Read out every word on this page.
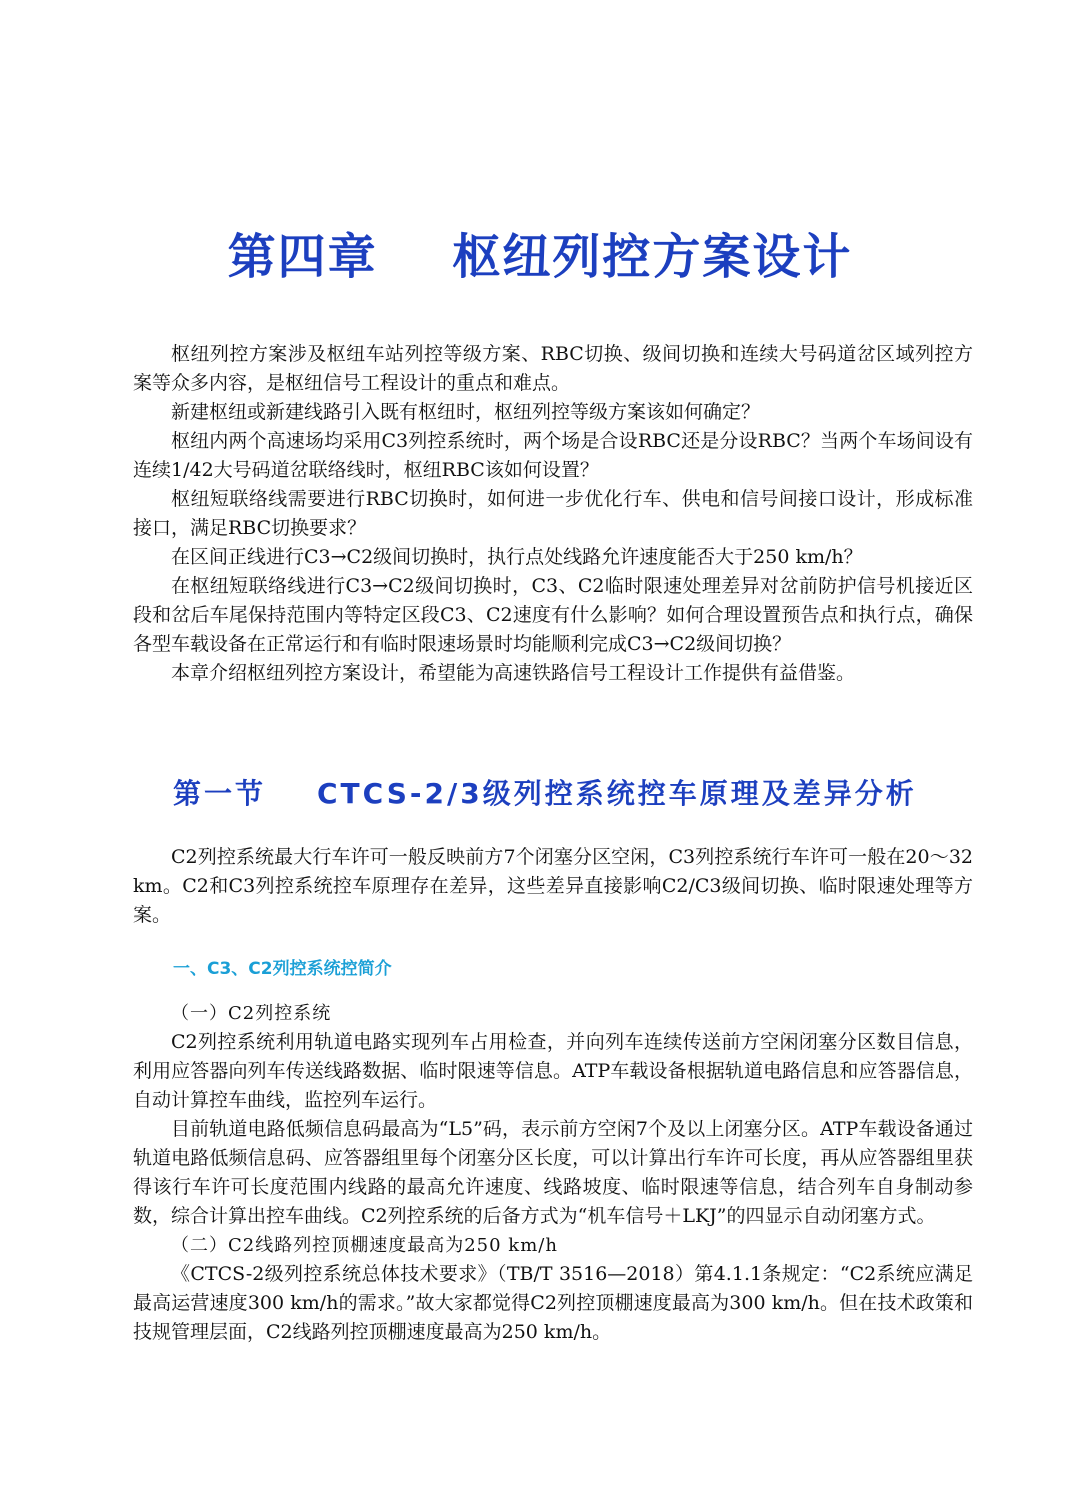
第四章    枢纽列控方案设计

枢纽列控方案涉及枢纽车站列控等级方案、RBC切换、级间切换和连续大号码道岔区域列控方案等众多内容，是枢纽信号工程设计的重点和难点。

新建枢纽或新建线路引入既有枢纽时，枢纽列控等级方案该如何确定？

枢纽内两个高速场均采用C3列控系统时，两个场是合设RBC还是分设RBC？当两个车场间设有连续1/42大号码道岔联络线时，枢纽RBC该如何设置？

枢纽短联络线需要进行RBC切换时，如何进一步优化行车、供电和信号间接口设计，形成标准接口，满足RBC切换要求？

在区间正线进行C3→C2级间切换时，执行点处线路允许速度能否大于250 km/h？

在枢纽短联络线进行C3→C2级间切换时，C3、C2临时限速处理差异对岔前防护信号机接近区段和岔后车尾保持范围内等特定区段C3、C2速度有什么影响？如何合理设置预告点和执行点，确保各型车载设备在正常运行和有临时限速场景时均能顺利完成C3→C2级间切换？

本章介绍枢纽列控方案设计，希望能为高速铁路信号工程设计工作提供有益借鉴。

第一节    CTCS-2/3级列控系统控车原理及差异分析

C2列控系统最大行车许可一般反映前方7个闭塞分区空闲，C3列控系统行车许可一般在20～32 km。C2和C3列控系统控车原理存在差异，这些差异直接影响C2/C3级间切换、临时限速处理等方案。

一、C3、C2列控系统控简介

（一）C2列控系统

C2列控系统利用轨道电路实现列车占用检查，并向列车连续传送前方空闲闭塞分区数目信息，利用应答器向列车传送线路数据、临时限速等信息。ATP车载设备根据轨道电路信息和应答器信息，自动计算控车曲线，监控列车运行。

目前轨道电路低频信息码最高为“L5”码，表示前方空闲7个及以上闭塞分区。ATP车载设备通过轨道电路低频信息码、应答器组里每个闭塞分区长度，可以计算出行车许可长度，再从应答器组里获得该行车许可长度范围内线路的最高允许速度、线路坡度、临时限速等信息，结合列车自身制动参数，综合计算出控车曲线。C2列控系统的后备方式为“机车信号＋LKJ”的四显示自动闭塞方式。

（二）C2线路列控顶棚速度最高为250 km/h

《CTCS-2级列控系统总体技术要求》（TB/T 3516—2018）第4.1.1条规定：“C2系统应满足最高运营速度300 km/h的需求。”故大家都觉得C2列控顶棚速度最高为300 km/h。但在技术政策和技规管理层面，C2线路列控顶棚速度最高为250 km/h。
